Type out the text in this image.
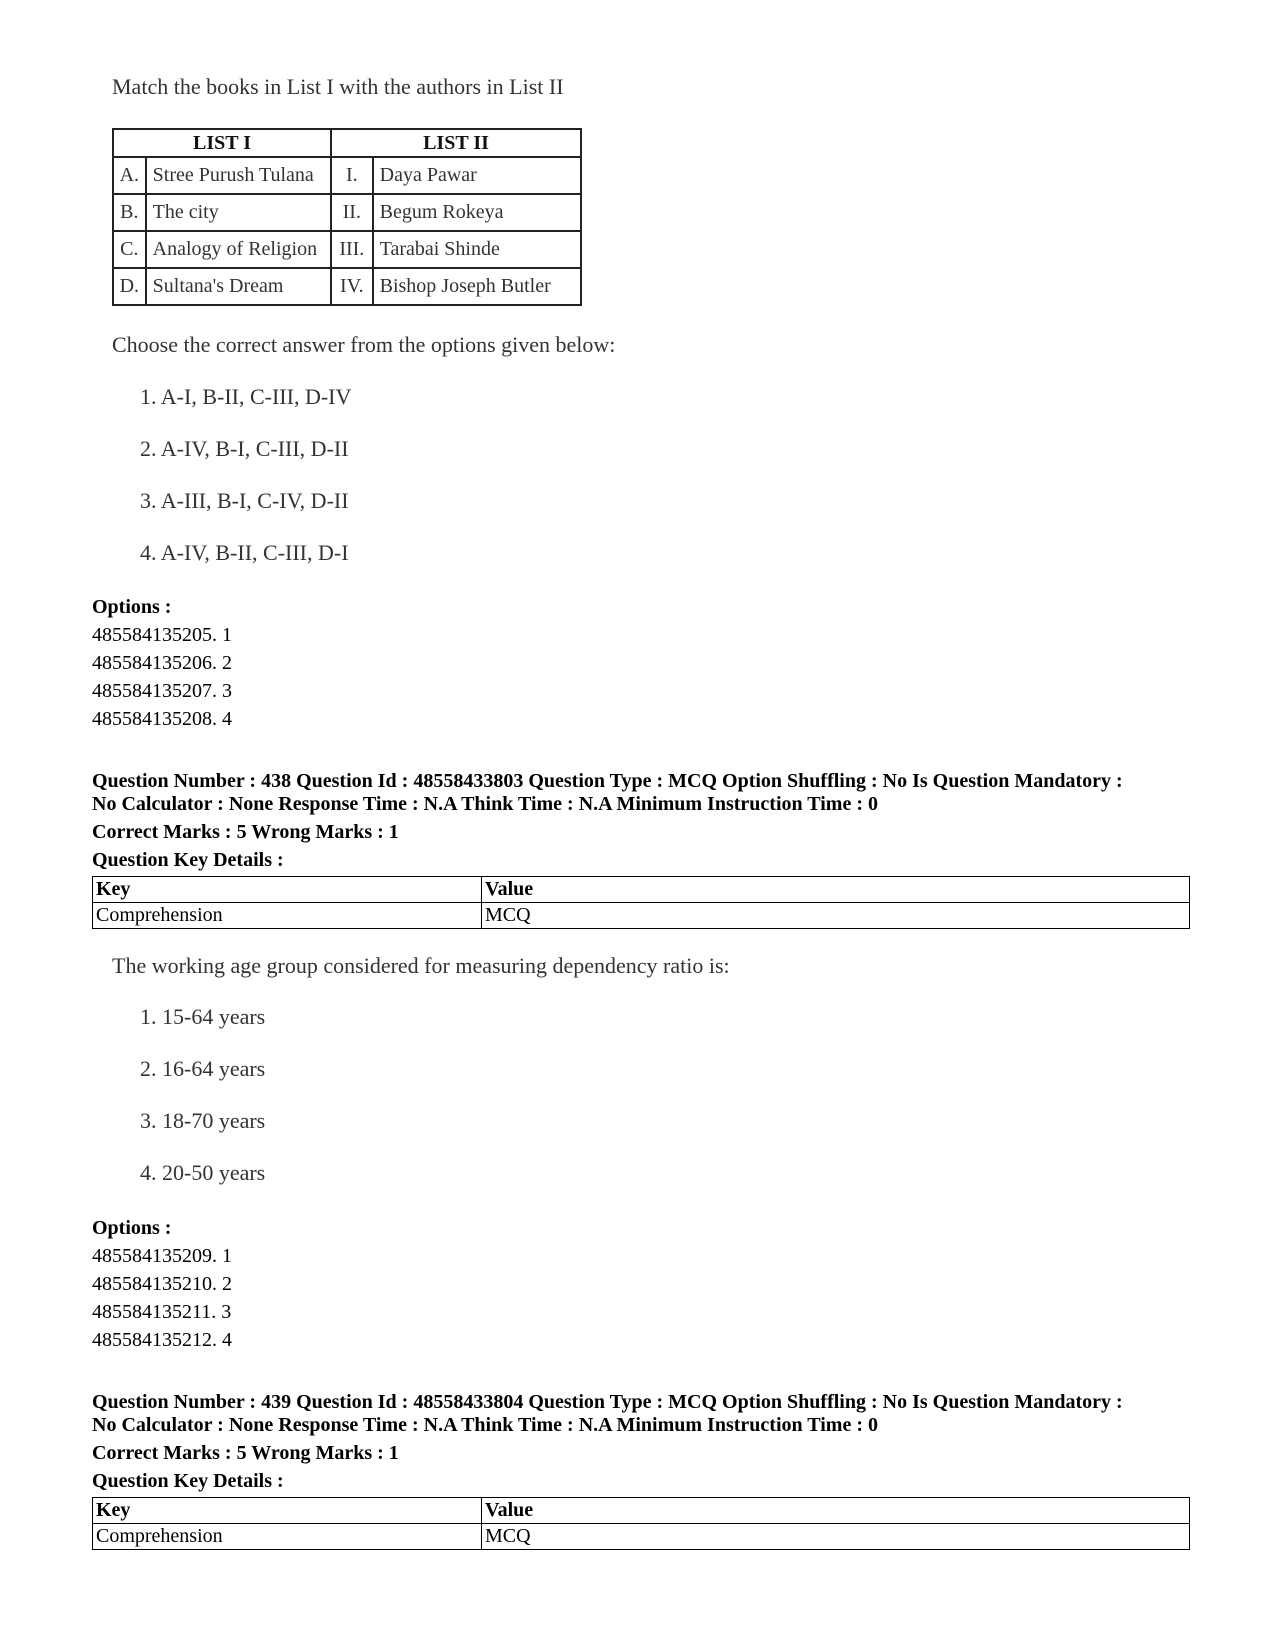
Match the books in List I with the authors in List II
LIST I		LIST II	
A.	Stree Purush Tulana	I.	Daya Pawar
B.	The city	II.	Begum Rokeya
C.	Analogy of Religion	III.	Tarabai Shinde
D.	Sultana's Dream	IV.	Bishop Joseph Butler
Choose the correct answer from the options given below:
1. A-I, B-II, C-III, D-IV
2. A-IV, B-I, C-III, D-II
3. A-III, B-I, C-IV, D-II
4. A-IV, B-II, C-III, D-I
Options :
485584135205. 1
485584135206. 2
485584135207. 3
485584135208. 4
Question Number : 438 Question Id : 48558433803 Question Type : MCQ Option Shuffling : No Is Question Mandatory :
No Calculator : None Response Time : N.A Think Time : N.A Minimum Instruction Time : 0
Correct Marks : 5 Wrong Marks : 1
Question Key Details :
Key	Value
Comprehension	MCQ
The working age group considered for measuring dependency ratio is:
1. 15-64 years
2. 16-64 years
3. 18-70 years
4. 20-50 years
Options :
485584135209. 1
485584135210. 2
485584135211. 3
485584135212. 4
Question Number : 439 Question Id : 48558433804 Question Type : MCQ Option Shuffling : No Is Question Mandatory :
No Calculator : None Response Time : N.A Think Time : N.A Minimum Instruction Time : 0
Correct Marks : 5 Wrong Marks : 1
Question Key Details :
Key	Value
Comprehension	MCQ
